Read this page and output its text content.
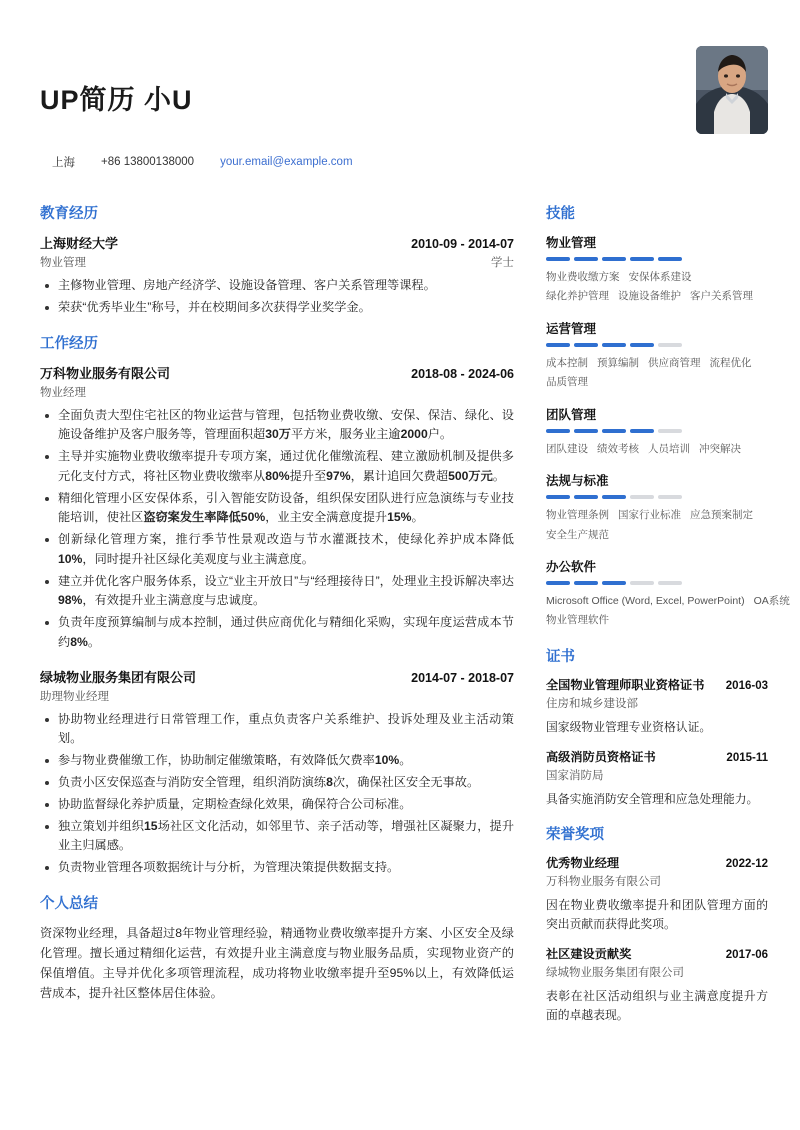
UP简历 小U
上海 +86 13800138000 your.email@example.com
教育经历
上海财经大学	2010-09 - 2014-07
物业管理	学士
主修物业管理、房地产经济学、设施设备管理、客户关系管理等课程。
荣获“优秀毕业生”称号，并在校期间多次获得学业奖学金。
工作经历
万科物业服务有限公司	2018-08 - 2024-06
物业经理
全面负责大型住宅社区的物业运营与管理，包括物业费收缴、安保、保洁、绿化、设施设备维护及客户服务等，管理面积超30万平方米，服务业主逾2000户。
主导并实施物业费收缴率提升专项方案，通过优化催缴流程、建立激励机制及提供多元化支付方式，将社区物业费收缴率从80%提升至97%，累计追回欠费超500万元。
精细化管理小区安保体系，引入智能安防设备，组织保安团队进行应急演练与专业技能培训，使社区盗窃案发生率降低50%，业主安全满意度提升15%。
创新绿化管理方案，推行季节性景观改造与节水灌溉技术，使绿化养护成本降低10%，同时提升社区绿化美观度与业主满意度。
建立并优化客户服务体系，设立“业主开放日”与“经理接待日”，处理业主投诉解决率达98%，有效提升业主满意度与忠诚度。
负责年度预算编制与成本控制，通过供应商优化与精细化采购，实现年度运营成本节约8%。
绿城物业服务集团有限公司	2014-07 - 2018-07
助理物业经理
协助物业经理进行日常管理工作，重点负责客户关系维护、投诉处理及业主活动策划。
参与物业费催缴工作，协助制定催缴策略，有效降低欠费率10%。
负责小区安保巡查与消防安全管理，组织消防演练8次，确保社区安全无事故。
协助监督绿化养护质量，定期检查绿化效果，确保符合公司标准。
独立策划并组织15场社区文化活动，如邻里节、亲子活动等，增强社区凝聚力，提升业主归属感。
负责物业管理各项数据统计与分析，为管理决策提供数据支持。
个人总结
资深物业经理，具备超过8年物业管理经验，精通物业费收缴率提升方案、小区安全及绿化管理。擅长通过精细化运营，有效提升业主满意度与物业服务品质，实现物业资产的保值增值。主导并优化多项管理流程，成功将物业收缴率提升至95%以上，有效降低运营成本，提升社区整体居住体验。
技能
物业管理
物业费收缴方案 安保体系建设绿化养护管理 设施设备维护 客户关系管理
运营管理
成本控制 预算编制 供应商管理 流程优化品质管理
团队管理
团队建设 绩效考核 人员培训 冲突解决
法规与标准
物业管理条例 国家行业标准 应急预案制定安全生产规范
办公软件
Microsoft Office (Word, Excel, PowerPoint) OA系统物业管理软件
证书
全国物业管理师职业资格证书 2016-03
住房和城乡建设部
国家级物业管理专业资格认证。
高级消防员资格证书	2015-11
国家消防局
具备实施消防安全管理和应急处理能力。
荣誉奖项
优秀物业经理	2022-12
万科物业服务有限公司
因在物业费收缴率提升和团队管理方面的突出贡献而获得此奖项。
社区建设贡献奖	2017-06
绿城物业服务集团有限公司
表彰在社区活动组织与业主满意度提升方面的卓越表现。
